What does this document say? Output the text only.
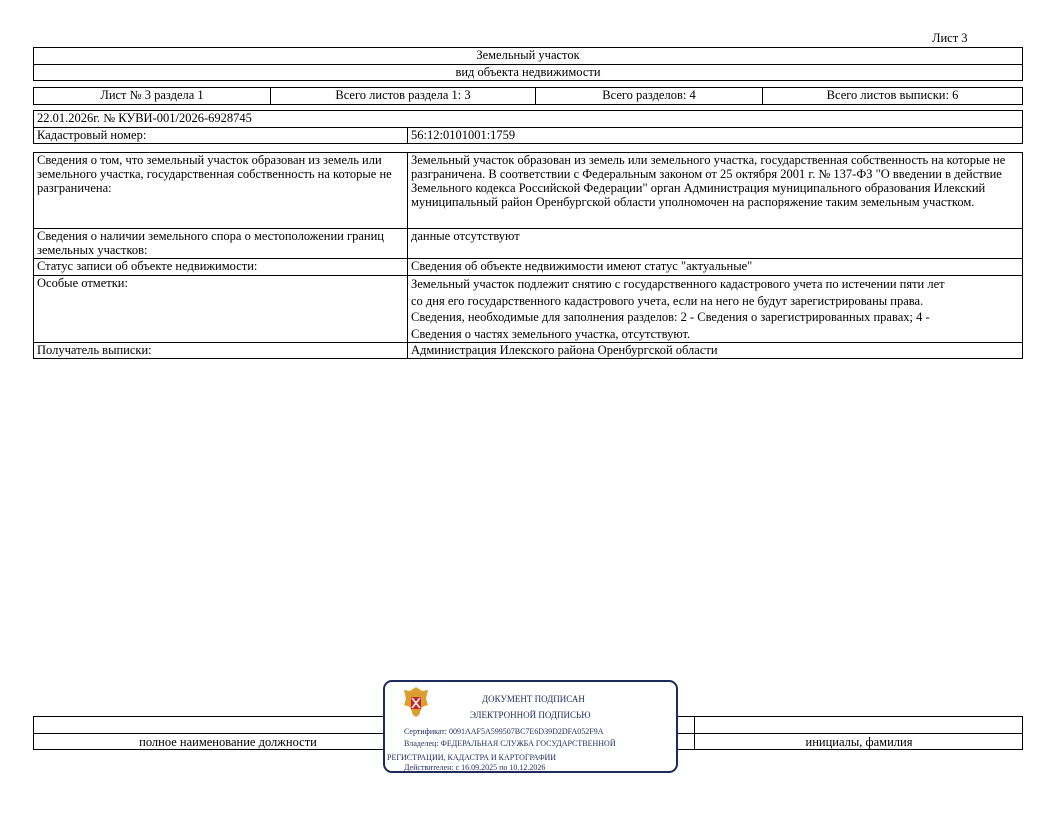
Лист 3
Земельный участок
вид объекта недвижимости
Лист № 3 раздела 1	Всего листов раздела 1: 3	Всего разделов: 4	Всего листов выписки: 6
22.01.2026г. № КУВИ-001/2026-6928745
Кадастровый номер:	56:12:0101001:1759
Сведения о том, что земельный участок образован из земель или земельного участка, государственная собственность на которые не разграничена:
Земельный участок образован из земель или земельного участка, государственная собственность на которые не разграничена. В соответствии с Федеральным законом от 25 октября 2001 г. № 137-ФЗ "О введении в действие Земельного кодекса Российской Федерации" орган Администрация муниципального образования Илекский муниципальный район Оренбургской области уполномочен на распоряжение таким земельным участком.
Сведения о наличии земельного спора о местоположении границ земельных участков:
данные отсутствуют
Статус записи об объекте недвижимости:	Сведения об объекте недвижимости имеют статус "актуальные"
Особые отметки:	Земельный участок подлежит снятию с государственного кадастрового учета по истечении пяти лет
со дня его государственного кадастрового учета, если на него не будут зарегистрированы права.
Сведения, необходимые для заполнения разделов: 2 - Сведения о зарегистрированных правах; 4 -
Сведения о частях земельного участка, отсутствуют.
Получатель выписки:	Администрация Илекского района Оренбургской области
полное наименование должности	инициалы, фамилия
ДОКУМЕНТ ПОДПИСАН
ЭЛЕКТРОННОЙ ПОДПИСЬЮ
Сертификат: 0091AAF5A599507BC7E6D39D2DFA052F9A
Владелец: ФЕДЕРАЛЬНАЯ СЛУЖБА ГОСУДАРСТВЕННОЙ
РЕГИСТРАЦИИ, КАДАСТРА И КАРТОГРАФИИ
Действителен: с 16.09.2025 по 10.12.2026
